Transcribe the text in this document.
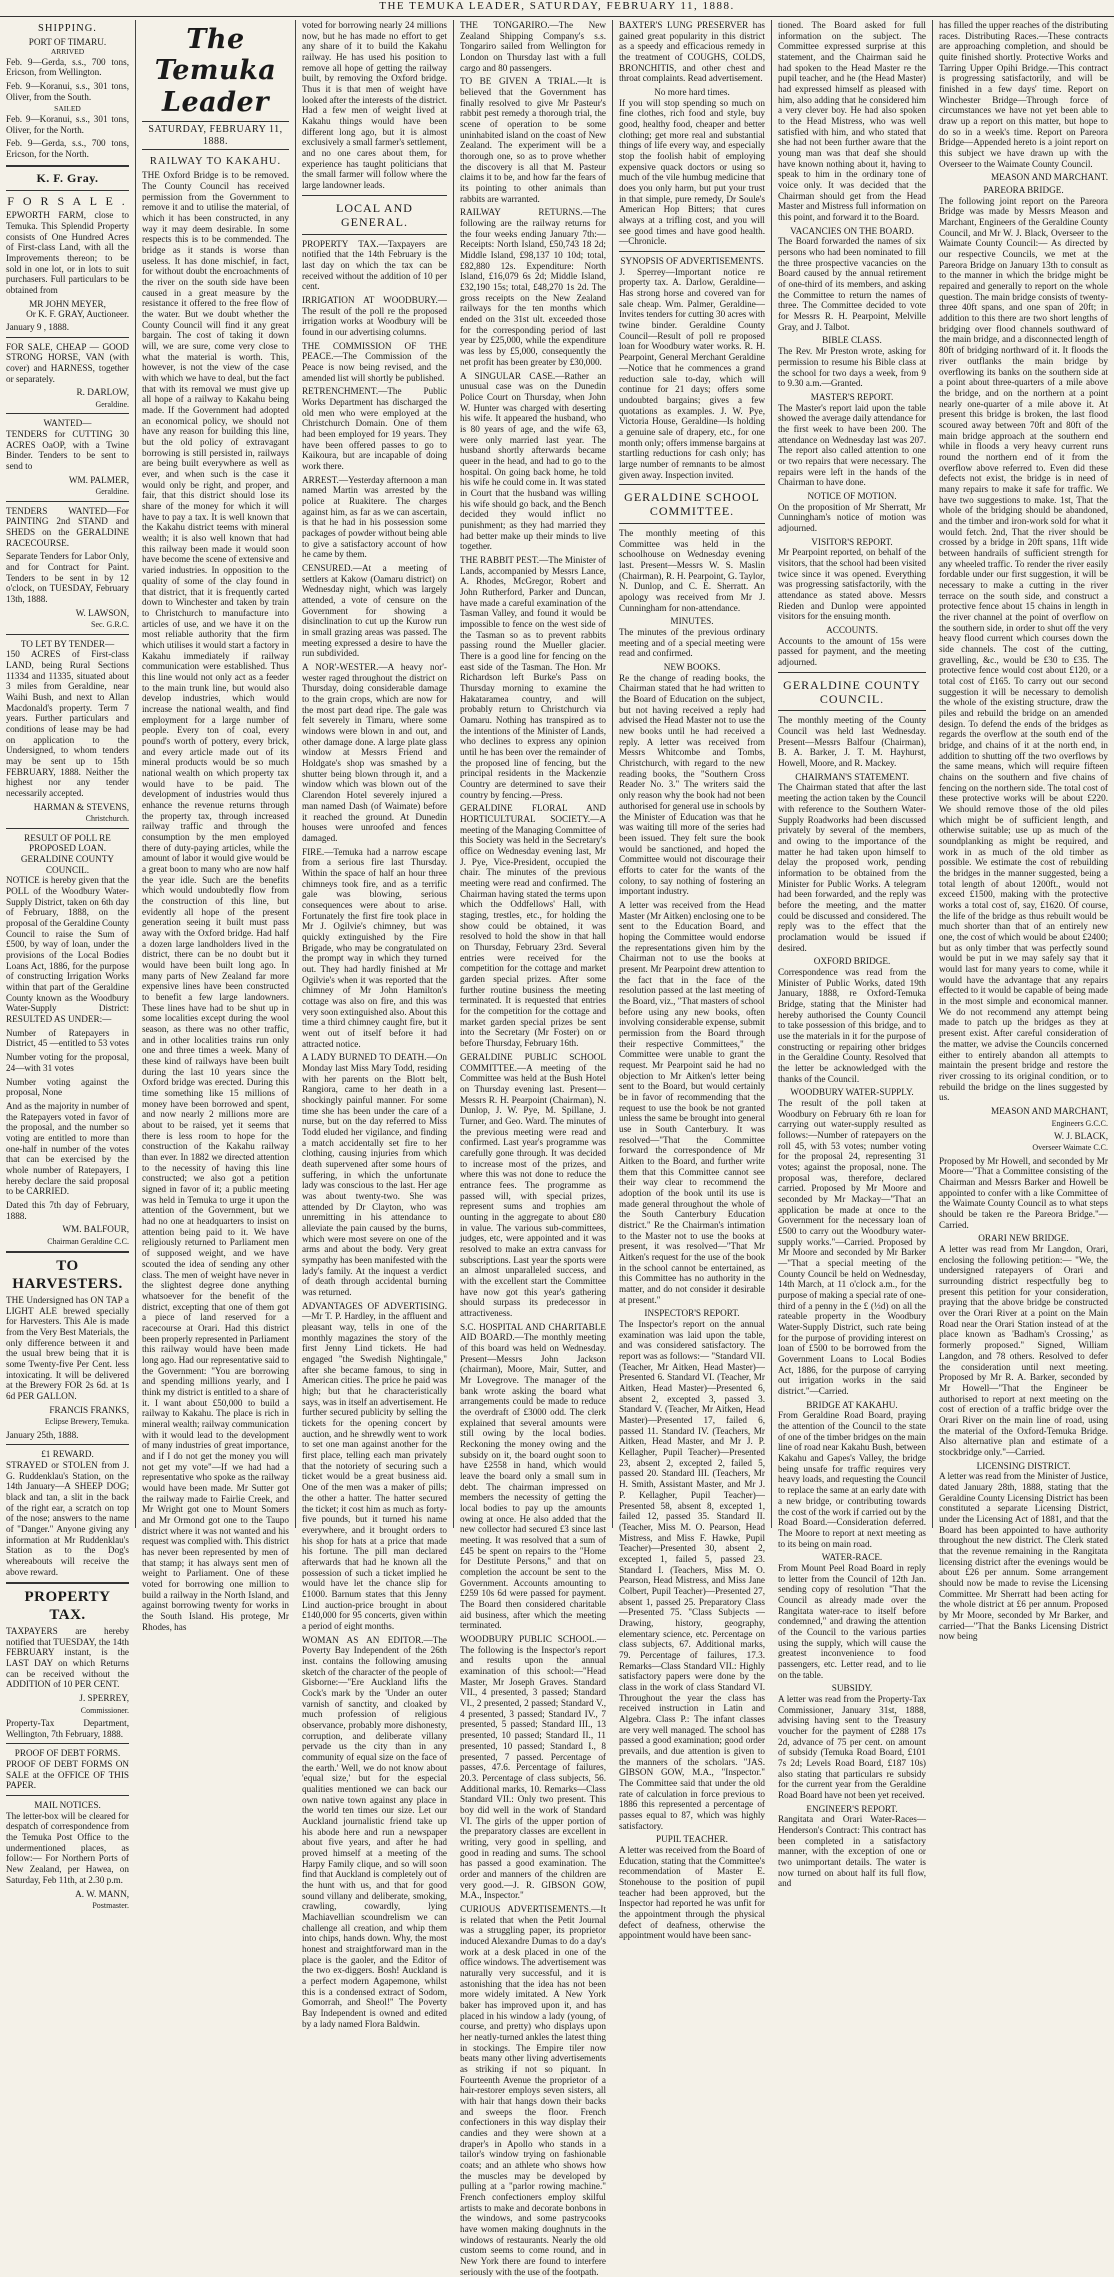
THE TEMUKA LEADER, SATURDAY, FEBRUARY 11, 1888.
SHIPPING.
PORT OF TIMARU.
ARRIVED

Feb. 9—Gerda, s.s., 700 tons, Ericson, from Wellington.

Feb. 9—Koranui, s.s., 301 tons, Oliver, from the South.

SAILED

Feb. 9—Koranui, s.s., 301 tons, Oliver, for the North.

Feb. 9—Gerda, s.s., 700 tons, Ericson, for the North.

K. F. Gray.
F O R S A L E .

EPWORTH FARM, close to Temuka. This Splendid Property consists of One Hundred Acres of First-class Land, with all the Improvements thereon; to be sold in one lot, or in lots to suit purchasers. Full particulars to be obtained from

MR JOHN MEYER,
Or K. F. GRAY, Auctioneer.

January 9 , 1888.

FOR SALE, CHEAP — GOOD STRONG HORSE, VAN (with cover) and HARNESS, together or separately.

R. DARLOW,
Geraldine.
WANTED—

TENDERS for CUTTING 30 ACRES OaOP, with a Twine Binder. Tenders to be sent to send to

WM. PALMER,
Geraldine.

TENDERS WANTED—For PAINTING 2nd STAND and SHEDS on the GERALDINE RACECOURSE.

Separate Tenders for Labor Only, and for Contract for Paint. Tenders to be sent in by 12 o'clock, on TUESDAY, February 13th, 1888.

W. LAWSON,
Sec. G.R.C.
TO LET BY TENDER—

150 ACRES of First-class LAND, being Rural Sections 11334 and 11335, situated about 3 miles from Geraldine, near Waihi Bush, and next to Allan Macdonald's property. Term 7 years. Further particulars and conditions of lease may be had on application to the Undersigned, to whom tenders may be sent up to 15th FEBRUARY, 1888. Neither the highest nor any tender necessarily accepted.

HARMAN & STEVENS,
Christchurch.
RESULT OF POLL RE PROPOSED LOAN.
GERALDINE COUNTY COUNCIL.

NOTICE is hereby given that the POLL of the Woodbury Water-Supply District, taken on 6th day of February, 1888, on the proposal of the Geraldine County Council to raise the Sum of £500, by way of loan, under the provisions of the Local Bodies Loans Act, 1886, for the purpose of constructing Irrigation Works within that part of the Geraldine County known as the Woodbury Water-Supply District: RESULTED AS UNDER:—

Number of Ratepayers in District, 45 —entitled to 53 votes

Number voting for the proposal, 24—with 31 votes

Number voting against the proposal, None

And as the majority in number of the Ratepayers voted in favor of the proposal, and the number so voting are entitled to more than one-half in number of the votes that can be exercised by the whole number of Ratepayers, I hereby declare the said proposal to be CARRIED.

Dated this 7th day of February, 1888.

WM. BALFOUR,
Chairman Geraldine C.C.
TO HARVESTERS.

THE Undersigned has ON TAP a LIGHT ALE brewed specially for Harvesters. This Ale is made from the Very Best Materials, the only difference between it and the usual brew being that it is some Twenty-five Per Cent. less intoxicating. It will be delivered at the Brewery FOR 2s 6d. at 1s 6d PER GALLON.

FRANCIS FRANKS,
Eclipse Brewery, Temuka.

January 25th, 1888.

£1 REWARD.

STRAYED or STOLEN from J. G. Ruddenklau's Station, on the 14th January—A SHEEP DOG; black and tan, a slit in the back of the right ear, a scratch on top of the nose; answers to the name of "Danger." Anyone giving any information at Mr Ruddenklau's Station as to the Dog's whereabouts will receive the above reward.

PROPERTY TAX.

TAXPAYERS are hereby notified that TUESDAY, the 14th FEBRUARY instant, is the LAST DAY on which Returns can be received without the ADDITION of 10 PER CENT.

J. SPERREY,
Commissioner.

Property-Tax Department, Wellington, 7th February, 1888.

PROOF OF DEBT FORMS.

PROOF OF DEBT FORMS ON SALE at the OFFICE OF THIS PAPER.

MAIL NOTICES.

The letter-box will be cleared for despatch of correspondence from the Temuka Post Office to the undermentioned places, as follow:— For Northern Ports of New Zealand, per Hawea, on Saturday, Feb 11th, at 2.30 p.m.

A. W. MANN,
Postmaster.
The Temuka Leader
SATURDAY, FEBRUARY 11, 1888.
RAILWAY TO KAKAHU.

THE Oxford Bridge is to be removed. The County Council has received permission from the Government to remove it and to utilise the material, of which it has been constructed, in any way it may deem desirable. In some respects this is to be commended. The bridge as it stands is worse than useless. It has done mischief, in fact, for without doubt the encroachments of the river on the south side have been caused in a great measure by the resistance it offered to the free flow of the water. But we doubt whether the County Council will find it any great bargain. The cost of taking it down will, we are sure, come very close to what the material is worth. This, however, is not the view of the case with which we have to deal, but the fact that with its removal we must give up all hope of a railway to Kakahu being made. If the Government had adopted an economical policy, we should not have any reason for building this line, but the old policy of extravagant borrowing is still persisted in, railways are being built everywhere as well as ever, and when such is the case it would only be right, and proper, and fair, that this district should lose its share of the money for which it will have to pay a tax. It is well known that the Kakahu district teems with mineral wealth; it is also well known that had this railway been made it would soon have become the scene of extensive and varied industries. In opposition to the quality of some of the clay found in that district, that it is frequently carted down to Winchester and taken by train to Christchurch to manufacture into articles of use, and we have it on the most reliable authority that the firm which utilises it would start a factory in Kakahu immediately if railway communication were established. Thus this line would not only act as a feeder to the main trunk line, but would also develop industries, which would increase the national wealth, and find employment for a large number of people. Every ton of coal, every pound's worth of pottery, every brick, and every article made out of its mineral products would be so much national wealth on which property tax would have to be paid. The development of industries would thus enhance the revenue returns through the property tax, through increased railway traffic and through the consumption by the men employed there of duty-paying articles, while the amount of labor it would give would be a great boon to many who are now half the year idle. Such are the benefits which would undoubtedly flow from the construction of this line, but evidently all hope of the present generation seeing it built must pass away with the Oxford bridge. Had half a dozen large landholders lived in the district, there can be no doubt but it would have been built long ago. In many parts of New Zealand far more expensive lines have been constructed to benefit a few large landowners. These lines have had to be shut up in some localities except during the wool season, as there was no other traffic, and in other localities trains run only one and three times a week. Many of these kind of railways have been built during the last 10 years since the Oxford bridge was erected. During this time something like 15 millions of money have been borrowed and spent, and now nearly 2 millions more are about to be raised, yet it seems that there is less room to hope for the construction of the Kakahu railway than ever. In 1882 we directed attention to the necessity of having this line constructed; we also got a petition signed in favor of it; a public meeting was held in Temuka to urge it upon the attention of the Government, but we had no one at headquarters to insist on attention being paid to it. We have religiously returned to Parliament men of supposed weight, and we have scouted the idea of sending any other class. The men of weight have never in the slightest degree done anything whatsoever for the benefit of the district, excepting that one of them got a piece of land reserved for a racecourse at Orari. Had this district been properly represented in Parliament this railway would have been made long ago. Had our representative said to the Government: "You are borrowing and spending millions yearly, and I think my district is entitled to a share of it. I want about £50,000 to build a railway to Kakahu. The place is rich in mineral wealth; railway communication with it would lead to the development of many industries of great importance, and if I do not get the money you will not get my vote"—If we had had a representative who spoke as the railway would have been made. Mr Sutter got the railway made to Fairlie Creek, and Mr Wright got one to Mount Somers and Mr Ormond got one to the Taupo district where it was not wanted and his request was complied with. This district has never been represented by men of that stamp; it has always sent men of weight to Parliament. One of these voted for borrowing one million to build a railway in the North Island, and against borrowing twenty for works in the South Island. His protege, Mr Rhodes, has

voted for borrowing nearly 24 millions now, but he has made no effort to get any share of it to build the Kakahu railway. He has used his position to remove all hope of getting the railway built, by removing the Oxford bridge. Thus it is that men of weight have looked after the interests of the district. Had a few men of weight lived at Kakahu things would have been different long ago, but it is almost exclusively a small farmer's settlement, and no one cares about them, for experience has taught politicians that the small farmer will follow where the large landowner leads.

LOCAL AND GENERAL.

PROPERTY TAX.—Taxpayers are notified that the 14th February is the last day on which the tax can be received without the addition of 10 per cent.

IRRIGATION AT WOODBURY.—The result of the poll re the proposed irrigation works at Woodbury will be found in our advertising columns.

THE COMMISSION OF THE PEACE.—The Commission of the Peace is now being revised, and the amended list will shortly be published.

RETRENCHMENT.—The Public Works Department has discharged the old men who were employed at the Christchurch Domain. One of them had been employed for 19 years. They have been offered passes to go to Kaikoura, but are incapable of doing work there.

ARREST.—Yesterday afternoon a man named Martin was arrested by the police at Ruakitere. The charges against him, as far as we can ascertain, is that he had in his possession some packages of powder without being able to give a satisfactory account of how he came by them.

CENSURED.—At a meeting of settlers at Kakow (Oamaru district) on Wednesday night, which was largely attended, a vote of censure on the Government for showing a disinclination to cut up the Kurow run in small grazing areas was passed. The meeting expressed a desire to have the run subdivided.

A NOR'-WESTER.—A heavy nor'-wester raged throughout the district on Thursday, doing considerable damage to the grain crops, which are now for the most part dead ripe. The gale was felt severely in Timaru, where some windows were blown in and out, and other damage done. A large plate glass window at Messrs Friend and Holdgate's shop was smashed by a shutter being blown through it, and a window which was blown out of the Clarendon Hotel severely injured a man named Dash (of Waimate) before it reached the ground. At Dunedin houses were unroofed and fences damaged.

FIRE.—Temuka had a narrow escape from a serious fire last Thursday. Within the space of half an hour three chimneys took fire, and as a terrific gale was blowing, serious consequences were about to arise. Fortunately the first fire took place in Mr J. Ogilvie's chimney, but was quickly extinguished by the Fire Brigade, who may be congratulated on the prompt way in which they turned out. They had hardly finished at Mr Ogilvie's when it was reported that the chimney of Mr John Hamilton's cottage was also on fire, and this was very soon extinguished also. About this time a third chimney caught fire, but it went out of itself before it had attracted notice.

A LADY BURNED TO DEATH.—On Monday last Miss Mary Todd, residing with her parents on the Blott belt, Rangiora, came to her death in a shockingly painful manner. For some time she has been under the care of a nurse, but on the day referred to Miss Todd eluded her vigilance, and finding a match accidentally set fire to her clothing, causing injuries from which death supervened after some hours of suffering, in which the unfortunate lady was conscious to the last. Her age was about twenty-two. She was attended by Dr Clayton, who was unremitting in his attendance to alleviate the pain caused by the burns, which were most severe on one of the arms and about the body. Very great sympathy has been manifested with the lady's family. At the inquest a verdict of death through accidental burning was returned.

ADVANTAGES OF ADVERTISING.—Mr T. P. Hardley, in the affluent and pleasant way, tells in one of the monthly magazines the story of the first Jenny Lind tickets. He had engaged "the Swedish Nightingale," after she became famous, to sing in American cities. The price he paid was high; but that he characteristically says, was in itself an advertisement. He further secured publicity by selling the tickets for the opening concert by auction, and he shrewdly went to work to set one man against another for the first place, telling each man privately that the notoriety of securing such a ticket would be a great business aid. One of the men was a maker of pills; the other a hatter. The hatter secured the ticket; it cost him as much as forty-five pounds, but it turned his name everywhere, and it brought orders to his shop for hats at a price that made his fortune. The pill man declared afterwards that had he known all the possession of such a ticket implied he would have let the chance slip for £1000. Barnum states that this Jenny Lind auction-price brought in about £140,000 for 95 concerts, given within a period of eight months.

WOMAN AS AN EDITOR.—The Poverty Bay Independent of the 26th inst. contains the following amusing sketch of the character of the people of Gisborne:—"Ere Auckland lifts the Cock's mark by the 'Under an outer varnish of sanctity, and cloaked by much profession of religious observance, probably more dishonesty, corruption, and deliberate villany pervade us the city than in any community of equal size on the face of the earth.' Well, we do not know about 'equal size,' but for the especial qualities mentioned we can back our own native town against any place in the world ten times our size. Let our Auckland journalistic friend take up his abode here and run a newspaper about five years, and after he had proved himself at a meeting of the Harpy Family clique, and so will soon find that Auckland is completely out of the hunt with us, and that for good sound villany and deliberate, smoking, crawling, cowardly, lying Machiavellian scoundrelism we can challenge all creation, and whip them into chips, hands down. Why, the most honest and straightforward man in the place is the gaoler, and the Editor of the two ex-diggers. Bosh! Auckland is a perfect modern Agapemone, whilst this is a condensed extract of Sodom, Gomorrah, and Sheol!" The Poverty Bay Independent is owned and edited by a lady named Flora Baldwin.

THE TONGARIRO.—The New Zealand Shipping Company's s.s. Tongariro sailed from Wellington for London on Thursday last with a full cargo and 80 passengers.

TO BE GIVEN A TRIAL.—It is believed that the Government has finally resolved to give Mr Pasteur's rabbit pest remedy a thorough trial, the scene of operation to be some uninhabited island on the coast of New Zealand. The experiment will be a thorough one, so as to prove whether the discovery is all that M. Pasteur claims it to be, and how far the fears of its pointing to other animals than rabbits are warranted.

RAILWAY RETURNS.—The following are the railway returns for the four weeks ending January 7th:—Receipts: North Island, £50,743 18 2d; Middle Island, £98,137 10 10d; total, £82,880 12s. Expenditure: North Island, £16,079 6s 2d; Middle Island, £32,190 15s; total, £48,270 1s 2d. The gross receipts on the New Zealand railways for the ten months which ended on the 31st ult. exceeded those for the corresponding period of last year by £25,000, while the expenditure was less by £5,000, consequently the net profit has been greater by £30,000.

A SINGULAR CASE.—Rather an unusual case was on the Dunedin Police Court on Thursday, when John W. Hunter was charged with deserting his wife. It appeared the husband, who is 80 years of age, and the wife 63, were only married last year. The husband shortly afterwards became queer in the head, and had to go to the hospital. On going back home, he told his wife he could come in. It was stated in Court that the husband was willing his wife should go back, and the Bench decided they would inflict no punishment; as they had married they had better make up their minds to live together.

THE RABBIT PEST.—The Minister of Lands, accompanied by Messrs Lance, A. Rhodes, McGregor, Robert and John Rutherford, Parker and Duncan, have made a careful examination of the Tasman Valley, and found it would be impossible to fence on the west side of the Tasman so as to prevent rabbits passing round the Mueller glacier. There is a good line for fencing on the east side of the Tasman. The Hon. Mr Richardson left Burke's Pass on Thursday morning to examine the Hakataramea country, and will probably return to Christchurch via Oamaru. Nothing has transpired as to the intentions of the Minister of Lands, who declines to express any opinion until he has been over the remainder of the proposed line of fencing, but the principal residents in the Mackenzie Country are determined to save their country by fencing.—Press.

GERALDINE FLORAL AND HORTICULTURAL SOCIETY.—A meeting of the Managing Committee of this Society was held in the Secretary's office on Wednesday evening last, Mr J. Pye, Vice-President, occupied the chair. The minutes of the previous meeting were read and confirmed. The Chairman having stated the terms upon which the Oddfellows' Hall, with staging, trestles, etc., for holding the show could be obtained, it was resolved to hold the show in that hall on Thursday, February 23rd. Several entries were received for the competition for the cottage and market garden special prizes. After some further routine business the meeting terminated. It is requested that entries for the competition for the cottage and market garden special prizes be sent into the Secretary (Mr Foster) on or before Thursday, February 16th.

GERALDINE PUBLIC SCHOOL COMMITTEE.—A meeting of the Committee was held at the Bush Hotel on Thursday evening last. Present—Messrs R. H. Pearpoint (Chairman), N. Dunlop, J. W. Pye, M. Spillane, J. Turner, and Geo. Ward. The minutes of the previous meeting were read and confirmed. Last year's programme was carefully gone through. It was decided to increase most of the prizes, and where this was not done to reduce the entrance fees. The programme as passed will, with special prizes, represent sums and trophies am ounting in the aggregate to about £80 in value. The various sub-committees, judges, etc, were appointed and it was resolved to make an extra canvass for subscriptions. Last year the sports were an almost unparalleled success, and with the excellent start the Committee have now got this year's gathering should surpass its predecessor in attractiveness.

S.C. HOSPITAL AND CHARITABLE AID BOARD.—The monthly meeting of this board was held on Wednesday. Present—Messrs John Jackson (chairman), Moore, Mair, Sutter, and Mr Lovegrove. The manager of the bank wrote asking the board what arrangements could be made to reduce the overdraft of £3000 odd. The clerk explained that several amounts were still owing by the local bodies. Reckoning the money owing and the subsidy on it, the board ought soon to have £2558 in hand, which would leave the board only a small sum in debt. The chairman impressed on members the necessity of getting the local bodies to pay up the amounts owing at once. He also added that the new collector had secured £3 since last meeting. It was resolved that a sum of £45 be spent on repairs to the "Home for Destitute Persons," and that on completion the account be sent to the Government. Accounts amounting to £259 10s 6d were passed for payment. The Board then considered charitable aid business, after which the meeting terminated.

WOODBURY PUBLIC SCHOOL.—The following is the Inspector's report and results upon the annual examination of this school:—"Head Master, Mr Joseph Graves. Standard VII., 4 presented, 3 passed; Standard VI., 2 presented, 2 passed; Standard V., 4 presented, 3 passed; Standard IV., 7 presented, 5 passed; Standard III., 13 presented, 10 passed; Standard II., 11 presented, 10 passed; Standard I., 8 presented, 7 passed. Percentage of passes, 47.6. Percentage of failures, 20.3. Percentage of class subjects, 56. Additional marks, 10. Remarks—Class Standard VII.: Only two present. This boy did well in the work of Standard VI. The girls of the upper portion of the preparatory classes are excellent in writing, very good in spelling, and good in reading and sums. The school has passed a good examination. The order and manners of the children are very good.—J. R. GIBSON GOW, M.A., Inspector."

CURIOUS ADVERTISEMENTS.—It is related that when the Petit Journal was a struggling paper, its proprietor induced Alexandre Dumas to do a day's work at a desk placed in one of the office windows. The advertisement was naturally very successful, and it is astonishing that the idea has not been more widely imitated. A New York baker has improved upon it, and has placed in his window a lady (young, of course, and pretty) who displays upon her neatly-turned ankles the latest thing in stockings. The Empire tiler now beats many other living advertisements as striking if not so piquant. In Fourteenth Avenue the proprietor of a hair-restorer employs seven sisters, all with hair that hangs down their backs and sweeps the floor. French confectioners in this way display their candies and they were shown at a draper's in Apollo who stands in a tailor's window trying on fashionable coats; and an athlete who shows how the muscles may be developed by pulling at a "parlor rowing machine." French confectioners employ skilful artists to make and decorate bonbons in the windows, and some pastrycooks have women making doughnuts in the windows of restaurants. Nearly the old custom seems to come round, and in New York there are found to interfere seriously with the use of the footpath.

BAXTER'S LUNG PRESERVER has gained great popularity in this district as a speedy and efficacious remedy in the treatment of COUGHS, COLDS, BRONCHITIS, and other chest and throat complaints. Read advertisement.

No more hard times.

If you will stop spending so much on fine clothes, rich food and style, buy good, healthy food, cheaper and better clothing; get more real and substantial things of life every way, and especially stop the foolish habit of employing expensive quack doctors or using so much of the vile humbug medicine that does you only harm, but put your trust in that simple, pure remedy, Dr Soule's American Hop Bitters; that cures always at a trifling cost, and you will see good times and have good health.—Chronicle.

SYNOPSIS OF ADVERTISEMENTS.

J. Sperrey—Important notice re property tax. A. Darlow, Geraldine—Has strong horse and covered van for sale cheap. Wm. Palmer, Geraldine—Invites tenders for cutting 30 acres with twine binder. Geraldine County Council—Result of poll re proposed loan for Woodbury water works. R. H. Pearpoint, General Merchant Geraldine—Notice that he commences a grand reduction sale to-day, which will continue for 21 days; offers some undoubted bargains; gives a few quotations as examples. J. W. Pye, Victoria House, Geraldine—Is holding a genuine sale of drapery, etc., for one month only; offers immense bargains at startling reductions for cash only; has large number of remnants to be almost given away. Inspection invited.

GERALDINE SCHOOL COMMITTEE.

The monthly meeting of this Committee was held in the schoolhouse on Wednesday evening last. Present—Messrs W. S. Maslin (Chairman), R. H. Pearpoint, G. Taylor, N. Dunlop, and C. E. Sherratt. An apology was received from Mr J. Cunningham for non-attendance.

MINUTES.

The minutes of the previous ordinary meeting and of a special meeting were read and confirmed.

NEW BOOKS.

Re the change of reading books, the Chairman stated that he had written to the Board of Education on the subject, but not having received a reply had advised the Head Master not to use the new books until he had received a reply. A letter was received from Messrs Whitcombe and Tombs, Christchurch, with regard to the new reading books, the "Southern Cross Reader No. 3." The writers said the only reason why the book had not been authorised for general use in schools by the Minister of Education was that he was waiting till more of the series had been issued. They felt sure the book would be sanctioned, and hoped the Committee would not discourage their efforts to cater for the wants of the colony, to say nothing of fostering an important industry.

A letter was received from the Head Master (Mr Aitken) enclosing one to be sent to the Education Board, and hoping the Committee would endorse the representations given him by the Chairman not to use the books at present. Mr Pearpoint drew attention to the fact that in the face of the resolution passed at the last meeting of the Board, viz., "That masters of school before using any new books, often involving considerable expense, submit permission from the Board through their respective Committees," the Committee were unable to grant the request. Mr Pearpoint said he had no objection to Mr Aitken's letter being sent to the Board, but would certainly be in favor of recommending that the request to use the book be not granted unless the same be brought into general use in South Canterbury. It was resolved—"That the Committee forward the correspondence of Mr Aitken to the Board, and further write them that this Committee cannot see their way clear to recommend the adoption of the book until its use is made general throughout the whole of the South Canterbury Education district." Re the Chairman's intimation to the Master not to use the books at present, it was resolved—"That Mr Aitken's request for the use of the book in the school cannot be entertained, as this Committee has no authority in the matter, and do not consider it desirable at present."

INSPECTOR'S REPORT.

The Inspector's report on the annual examination was laid upon the table, and was considered satisfactory. The report was as follows:— "Standard VII. (Teacher, Mr Aitken, Head Master)—Presented 6. Standard VI. (Teacher, Mr Aitken, Head Master)—Presented 6, absent 2, excepted 3, passed 3. Standard V. (Teacher, Mr Aitken, Head Master)—Presented 17, failed 6, passed 11. Standard IV. (Teachers, Mr Aitken, Head Master, and Mr J. P. Kellagher, Pupil Teacher)—Presented 23, absent 2, excepted 2, failed 5, passed 20. Standard III. (Teachers, Mr H. Smith, Assistant Master, and Mr J. P. Kellagher, Pupil Teacher)—Presented 58, absent 8, excepted 1, failed 12, passed 35. Standard II. (Teacher, Miss M. O. Pearson, Head Mistress, and Miss F. Hawke, Pupil Teacher)—Presented 30, absent 2, excepted 1, failed 5, passed 23. Standard I. (Teachers, Miss M. O. Pearson, Head Mistress, and Miss Jane Colbert, Pupil Teacher)—Presented 27, absent 1, passed 25. Preparatory Class—Presented 75. "Class Subjects — Drawing, history, geography, elementary science, etc. Percentage on class subjects, 67. Additional marks, 79. Percentage of failures, 17.3. Remarks—Class Standard VII.: Highly satisfactory papers were done by the class in the work of class Standard VI. Throughout the year the class has received instruction in Latin and Algebra. Class P.: The infant classes are very well managed. The school has passed a good examination; good order prevails, and due attention is given to the manners of the scholars. "JAS. GIBSON GOW, M.A., "Inspector." The Committee said that under the old rate of calculation in force previous to 1886 this represented a percentage of passes equal to 87, which was highly satisfactory.

PUPIL TEACHER.

A letter was received from the Board of Education, stating that the Committee's recommendation of Master E. Stonehouse to the position of pupil teacher had been approved, but the Inspector had reported he was unfit for the appointment through the physical defect of deafness, otherwise the appointment would have been sanc-

tioned. The Board asked for full information on the subject. The Committee expressed surprise at this statement, and the Chairman said he had spoken to the Head Master re the pupil teacher, and he (the Head Master) had expressed himself as pleased with him, also adding that he considered him a very clever boy. He had also spoken to the Head Mistress, who was well satisfied with him, and who stated that she had not been further aware that the young man was that deaf she should have known nothing about it, having to speak to him in the ordinary tone of voice only. It was decided that the Chairman should get from the Head Master and Mistress full information on this point, and forward it to the Board.

VACANCIES ON THE BOARD.

The Board forwarded the names of six persons who had been nominated to fill the three prospective vacancies on the Board caused by the annual retirement of one-third of its members, and asking the Committee to return the names of three. The Committee decided to vote for Messrs R. H. Pearpoint, Melville Gray, and J. Talbot.

BIBLE CLASS.

The Rev. Mr Preston wrote, asking for permission to resume his Bible class at the school for two days a week, from 9 to 9.30 a.m.—Granted.

MASTER'S REPORT.

The Master's report laid upon the table showed the average daily attendance for the first week to have been 200. The attendance on Wednesday last was 207. The report also called attention to one or two repairs that were necessary. The repairs were left in the hands of the Chairman to have done.

NOTICE OF MOTION.

On the proposition of Mr Sherratt, Mr Cunningham's notice of motion was adjourned.

VISITOR'S REPORT.

Mr Pearpoint reported, on behalf of the visitors, that the school had been visited twice since it was opened. Everything was progressing satisfactorily, with the attendance as stated above. Messrs Rieden and Dunlop were appointed visitors for the ensuing month.

ACCOUNTS.

Accounts to the amount of 15s were passed for payment, and the meeting adjourned.

GERALDINE COUNTY COUNCIL.

The monthly meeting of the County Council was held last Wednesday. Present—Messrs Balfour (Chairman), B. A. Barker, J. T. M. Hayhurst, Howell, Moore, and R. Mackey.

CHAIRMAN'S STATEMENT.

The Chairman stated that after the last meeting the action taken by the Council with reference to the Southern Water-Supply Roadworks had been discussed privately by several of the members, and owing to the importance of the matter he had taken upon himself to delay the proposed work, pending information to be obtained from the Minister for Public Works. A telegram had been forwarded, and the reply was before the meeting, and the matter could be discussed and considered. The reply was to the effect that the proclamation would be issued if desired.

OXFORD BRIDGE.

Correspondence was read from the Minister of Public Works, dated 19th January, 1888, re Oxford-Temuka Bridge, stating that the Minister had hereby authorised the County Council to take possession of this bridge, and to use the materials in it for the purpose of constructing or repairing other bridges in the Geraldine County. Resolved that the letter be acknowledged with the thanks of the Council.

WOODBURY WATER-SUPPLY.

The result of the poll taken at Woodbury on February 6th re loan for carrying out water-supply resulted as follows:—Number of ratepayers on the roll 45, with 53 votes; number voting for the proposal 24, representing 31 votes; against the proposal, none. The proposal was, therefore, declared carried. Proposed by Mr Moore and seconded by Mr Mackay—"That an application be made at once to the Government for the necessary loan of £500 to carry out the Woodbury water-supply works."—Carried. Proposed by Mr Moore and seconded by Mr Barker—"That a special meeting of the County Council be held on Wednesday, 14th March, at 11 o'clock a.m., for the purpose of making a special rate of one-third of a penny in the £ (⅓d) on all the rateable property in the Woodbury Water-Supply District, such rate being for the purpose of providing interest on loan of £500 to be borrowed from the Government Loans to Local Bodies Act, 1886, for the purpose of carrying out irrigation works in the said district."—Carried.

BRIDGE AT KAKAHU.

From Geraldine Road Board, praying the attention of the Council to the state of one of the timber bridges on the main line of road near Kakahu Bush, between Kakahu and Gapes's Valley, the bridge being unsafe for traffic requires very heavy loads, and requesting the Council to replace the same at an early date with a new bridge, or contributing towards the cost of the work if carried out by the Road Board.—Consideration deferred. The Moore to report at next meeting as to its being on main road.

WATER-RACE.

From Mount Peel Road Board in reply to letter from the Council of 12th Jan. sending copy of resolution "That the Council as already made over the Rangitata water-race to itself before condemned," and drawing the attention of the Council to the various parties using the supply, which will cause the greatest inconvenience to food passengers, etc. Letter read, and to lie on the table.

SUBSIDY.

A letter was read from the Property-Tax Commissioner, January 31st, 1888, advising having sent to the Treasury voucher for the payment of £288 17s 2d, advance of 75 per cent. on amount of subsidy (Temuka Road Board, £101 7s 2d; Levels Road Board, £187 10s) also stating that particulars re subsidy for the current year from the Geraldine Road Board have not been yet received.

ENGINEER'S REPORT.

Rangitata and Orari Water-Races—Henderson's Contract: This contract has been completed in a satisfactory manner, with the exception of one or two unimportant details. The water is now turned on about half its full flow, and

has filled the upper reaches of the distributing races. Distributing Races.—These contracts are approaching completion, and should be quite finished shortly. Protective Works and Tarring Upper Opihi Bridge.—This contract is progressing satisfactorily, and will be finished in a few days' time. Report on Winchester Bridge—Through force of circumstances we have not yet been able to draw up a report on this matter, but hope to do so in a week's time. Report on Pareora Bridge—Appended hereto is a joint report on this subject we have drawn up with the Overseer to the Waimate County Council.

MEASON AND MARCHANT.
PAREORA BRIDGE.

The following joint report on the Pareora Bridge was made by Messrs Meason and Marchant, Engineers of the Geraldine County Council, and Mr W. J. Black, Overseer to the Waimate County Council:— As directed by our respective Councils, we met at the Pareora Bridge on January 13th to consult as to the manner in which the bridge might be repaired and generally to report on the whole question. The main bridge consists of twenty-three 40ft spans, and one span of 20ft; in addition to this there are two short lengths of bridging over flood channels southward of the main bridge, and a disconnected length of 80ft of bridging northward of it. It floods the river outflanks the main bridge by overflowing its banks on the southern side at a point about three-quarters of a mile above the bridge, and on the northern at a point nearly one-quarter of a mile above it. At present this bridge is broken, the last flood scoured away between 70ft and 80ft of the main bridge approach at the southern end while in floods a very heavy current runs round the northern end of it from the overflow above referred to. Even did these defects not exist, the bridge is in need of many repairs to make it safe for traffic. We have two suggestions to make. 1st, That the whole of the bridging should be abandoned, and the timber and iron-work sold for what it would fetch. 2nd, That the river should be crossed by a bridge in 20ft spans, 11ft wide between handrails of sufficient strength for any wheeled traffic. To render the river easily fordable under our first suggestion, it will be necessary to make a cutting in the river terrace on the south side, and construct a protective fence about 15 chains in length in the river channel at the point of overflow on the southern side, in order to shut off the very heavy flood current which courses down the side channels. The cost of the cutting, gravelling, &c., would be £30 to £35. The protective fence would cost about £120, or a total cost of £165. To carry out our second suggestion it will be necessary to demolish the whole of the existing structure, draw the piles and rebuild the bridge on an amended design. To defend the ends of the bridges as regards the overflow at the south end of the bridge, and chains of it at the north end, in addition to shutting off the two overflows by the same means, which will require fifteen chains on the southern and five chains of fencing on the northern side. The total cost of these protective works will be about £220. We should remove those of the old piles which might be of sufficient length, and otherwise suitable; use up as much of the soundplanking as might be required, and work in as much of the old timber as possible. We estimate the cost of rebuilding the bridges in the manner suggested, being a total length of about 1200ft., would not exceed £1500, making with the protective works a total cost of, say, £1620. Of course, the life of the bridge as thus rebuilt would be much shorter than that of an entirely new one, the cost of which would be about £2400; but as only timber that was perfectly sound would be put in we may safely say that it would last for many years to come, while it would have the advantage that any repairs effected to it would be capable of being made in the most simple and economical manner. We do not recommend any attempt being made to patch up the bridges as they at present exist. After careful consideration of the matter, we advise the Councils concerned either to entirely abandon all attempts to maintain the present bridge and restore the river crossing to its original condition, or to rebuild the bridge on the lines suggested by us.

MEASON AND MARCHANT,
Engineers G.C.C.
W. J. BLACK,
Overseer Waimate C.C.

Proposed by Mr Howell, and seconded by Mr Moore—"That a Committee consisting of the Chairman and Messrs Barker and Howell be appointed to confer with a like Committee of the Waimate County Council as to what steps should be taken re the Pareora Bridge."—Carried.

ORARI NEW BRIDGE.

A letter was read from Mr Langdon, Orari, enclosing the following petition:— "We, the undersigned ratepayers of Orari and surrounding district respectfully beg to present this petition for your consideration, praying that the above bridge be constructed over the Orari River at a point on the Main Road near the Orari Station instead of at the place known as 'Badham's Crossing,' as formerly proposed." Signed, William Langdon, and 78 others. Resolved to defer the consideration until next meeting. Proposed by Mr R. A. Barker, seconded by Mr Howell—"That the Engineer be authorised to report at next meeting on the cost of erection of a traffic bridge over the Orari River on the main line of road, using the material of the Oxford-Temuka Bridge. Also alternative plan and estimate of a stockbridge only."—Carried.

LICENSING DISTRICT.

A letter was read from the Minister of Justice, dated January 28th, 1888, stating that the Geraldine County Licensing District has been constituted a separate Licensing District, under the Licensing Act of 1881, and that the Board has been appointed to have authority throughout the new district. The Clerk stated that the revenue remaining in the Rangitata licensing district after the evenings would be about £26 per annum. Some arrangement should now be made to revise the Licensing Committee. Mr Sherratt had been acting for the whole district at £6 per annum. Proposed by Mr Moore, seconded by Mr Barker, and carried—"That the Banks Licensing District now being
